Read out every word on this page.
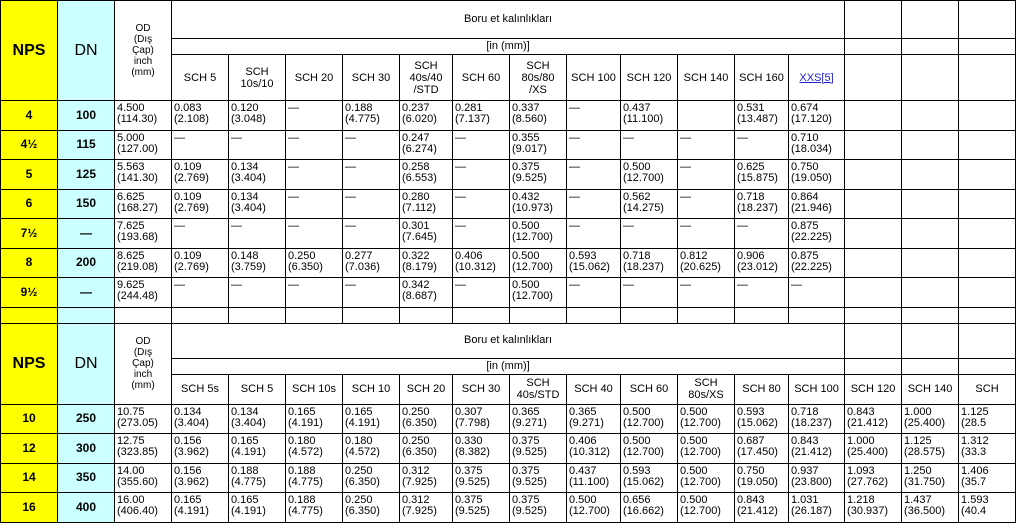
NPS	DN	OD
(Dış
Çap)
inch
(mm)	Boru et kalınlıkları														
			[in (mm)]														

			SCH 5	SCH
10s/10	SCH 20	SCH 30	SCH
40s/40
/STD	SCH 60	SCH
80s/80
/XS	SCH 100	SCH 120	SCH 140	SCH 160	XXS[5]			
4	100	4.500
(114.30)	0.083
(2.108)	0.120
(3.048)	—	0.188
(4.775)	0.237
(6.020)	0.281
(7.137)	0.337
(8.560)	—	0.437
(11.100)		0.531
(13.487)	0.674
(17.120)			

4½	115	5.000
(127.00)	—	—	—	—	0.247
(6.274)	—	0.355
(9.017)	—	—	—	—	0.710
(18.034)			

5	125	5.563
(141.30)	0.109
(2.769)	0.134
(3.404)	—	—	0.258
(6.553)	—	0.375
(9.525)	—	0.500
(12.700)	—	0.625
(15.875)	0.750
(19.050)			

6	150	6.625
(168.27)	0.109
(2.769)	0.134
(3.404)	—	—	0.280
(7.112)	—	0.432
(10.973)	—	0.562
(14.275)	—	0.718
(18.237)	0.864
(21.946)			

7½	—	7.625
(193.68)	—	—	—	—	0.301
(7.645)	—	0.500
(12.700)	—	—	—	—	0.875
(22.225)			

8	200	8.625
(219.08)	0.109
(2.769)	0.148
(3.759)	0.250
(6.350)	0.277
(7.036)	0.322
(8.179)	0.406
(10.312)	0.500
(12.700)	0.593
(15.062)	0.718
(18.237)	0.812
(20.625)	0.906
(23.012)	0.875
(22.225)			

9½	—	9.625
(244.48)	—	—	—	—	0.342
(8.687)	—	0.500
(12.700)	—	—	—	—	—			

NPS	DN	OD
(Dış
Çap)
inch
(mm)	Boru et kalınlıkları														
			[in (mm)]														

			SCH 5s	SCH 5	SCH 10s	SCH 10	SCH 20	SCH 30	SCH
40s/STD	SCH 40	SCH 60	SCH
80s/XS	SCH 80	SCH 100	SCH 120	SCH 140	SCH

10	250	10.75
(273.05)	0.134
(3.404)	0.134
(3.404)	0.165
(4.191)	0.165
(4.191)	0.250
(6.350)	0.307
(7.798)	0.365
(9.271)	0.365
(9.271)	0.500
(12.700)	0.500
(12.700)	0.593
(15.062)	0.718
(18.237)	0.843
(21.412)	1.000
(25.400)	1.125
(28.5

12	300	12.75
(323.85)	0.156
(3.962)	0.165
(4.191)	0.180
(4.572)	0.180
(4.572)	0.250
(6.350)	0.330
(8.382)	0.375
(9.525)	0.406
(10.312)	0.500
(12.700)	0.500
(12.700)	0.687
(17.450)	0.843
(21.412)	1.000
(25.400)	1.125
(28.575)	1.312
(33.3

14	350	14.00
(355.60)	0.156
(3.962)	0.188
(4.775)	0.188
(4.775)	0.250
(6.350)	0.312
(7.925)	0.375
(9.525)	0.375
(9.525)	0.437
(11.100)	0.593
(15.062)	0.500
(12.700)	0.750
(19.050)	0.937
(23.800)	1.093
(27.762)	1.250
(31.750)	1.406
(35.7

16	400	16.00
(406.40)	0.165
(4.191)	0.165
(4.191)	0.188
(4.775)	0.250
(6.350)	0.312
(7.925)	0.375
(9.525)	0.375
(9.525)	0.500
(12.700)	0.656
(16.662)	0.500
(12.700)	0.843
(21.412)	1.031
(26.187)	1.218
(30.937)	1.437
(36.500)	1.593
(40.4
